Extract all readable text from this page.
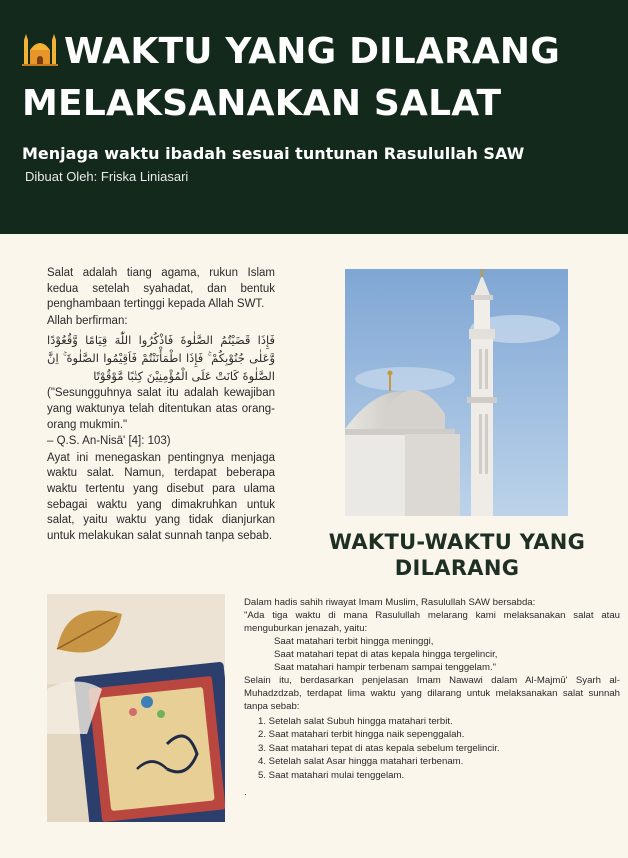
WAKTU YANG DILARANG
MELAKSANAKAN SALAT
Menjaga waktu ibadah sesuai tuntunan Rasulullah SAW
Dibuat Oleh: Friska Liniasari

Salat adalah tiang agama, rukun Islam kedua setelah syahadat, dan bentuk penghambaan tertinggi kepada Allah SWT.

Allah berfirman:

فَإِذَا قَضَيْتُمُ الصَّلٰوةَ فَاذْكُرُوا اللّٰهَ قِيَامًا وَّقُعُوْدًا وَّعَلٰى جُنُوْبِكُمْ ۚ فَإِذَا اطْمَأْنَنْتُمْ فَاَقِيْمُوا الصَّلٰوةَ ۚ اِنَّ الصَّلٰوةَ كَانَتْ عَلَى الْمُؤْمِنِيْنَ كِتٰبًا مَّوْقُوْتًا

("Sesungguhnya salat itu adalah kewajiban yang waktunya telah ditentukan atas orang-orang mukmin."

– Q.S. An-Nisā' [4]: 103)

Ayat ini menegaskan pentingnya menjaga waktu salat. Namun, terdapat beberapa waktu tertentu yang disebut para ulama sebagai waktu yang dimakruhkan untuk salat, yaitu waktu yang tidak dianjurkan untuk melakukan salat sunnah tanpa sebab.	WAKTU-WAKTU YANG
DILARANG

Dalam hadis sahih riwayat Imam Muslim, Rasulullah SAW bersabda:

"Ada tiga waktu di mana Rasulullah melarang kami melaksanakan salat atau menguburkan jenazah, yaitu:

Saat matahari terbit hingga meninggi,

Saat matahari tepat di atas kepala hingga tergelincir,

Saat matahari hampir terbenam sampai tenggelam."

Selain itu, berdasarkan penjelasan Imam Nawawi dalam Al-Majmū' Syarh al-Muhadzdzab, terdapat lima waktu yang dilarang untuk melaksanakan salat sunnah tanpa sebab:

1. Setelah salat Subuh hingga matahari terbit.
2. Saat matahari terbit hingga naik sepenggalah.
3. Saat matahari tepat di atas kepala sebelum tergelincir.
4. Setelah salat Asar hingga matahari terbenam.
5. Saat matahari mulai tenggelam.

.
